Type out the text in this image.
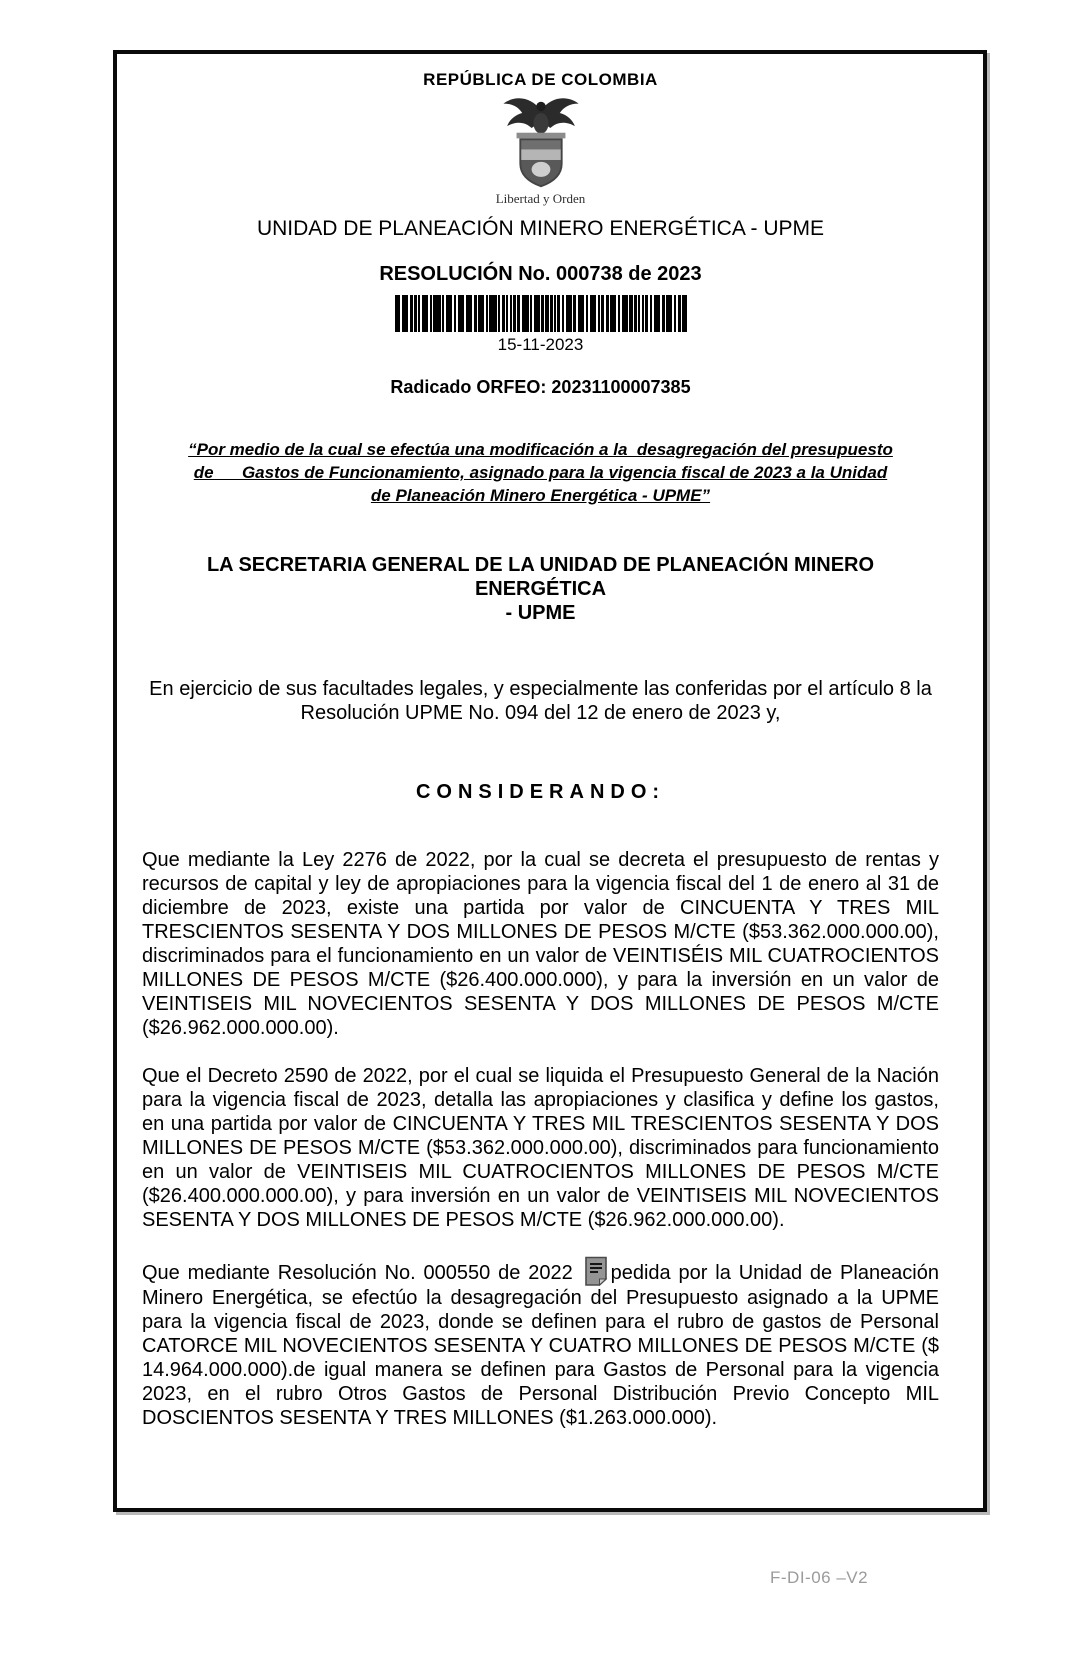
REPÚBLICA DE COLOMBIA
Libertad y Orden
UNIDAD DE PLANEACIÓN MINERO ENERGÉTICA - UPME
RESOLUCIÓN No. 000738 de 2023
15-11-2023
Radicado ORFEO: 20231100007385
“Por medio de la cual se efectúa una modificación a la  desagregación del presupuesto
de      Gastos de Funcionamiento, asignado para la vigencia fiscal de 2023 a la Unidad
de Planeación Minero Energética - UPME”
LA SECRETARIA GENERAL DE LA UNIDAD DE PLANEACIÓN MINERO
ENERGÉTICA
- UPME
En ejercicio de sus facultades legales, y especialmente las conferidas por el artículo 8 la Resolución UPME No. 094 del 12 de enero de 2023 y,
CONSIDERANDO:

Que mediante la Ley 2276 de 2022, por la cual se decreta el presupuesto de rentas y recursos de capital y ley de apropiaciones para la vigencia fiscal del 1 de enero al 31 de diciembre de 2023, existe una partida por valor de CINCUENTA Y TRES MIL TRESCIENTOS SESENTA Y DOS MILLONES DE PESOS M/CTE ($53.362.000.000.00), discriminados para el funcionamiento en un valor de VEINTISÉIS MIL CUATROCIENTOS MILLONES DE PESOS M/CTE ($26.400.000.000), y para la inversión en un valor de VEINTISEIS MIL NOVECIENTOS SESENTA Y DOS MILLONES DE PESOS M/CTE ($26.962.000.000.00).

Que el Decreto 2590 de 2022, por el cual se liquida el Presupuesto General de la Nación para la vigencia fiscal de 2023, detalla las apropiaciones y clasifica y define los gastos, en una partida por valor de CINCUENTA Y TRES MIL TRESCIENTOS SESENTA Y DOS MILLONES DE PESOS M/CTE ($53.362.000.000.00), discriminados para funcionamiento en un valor de VEINTISEIS MIL CUATROCIENTOS MILLONES DE PESOS M/CTE ($26.400.000.000.00), y para inversión en un valor de VEINTISEIS MIL NOVECIENTOS SESENTA Y DOS MILLONES DE PESOS M/CTE ($26.962.000.000.00).

Que mediante Resolución No. 000550 de 2022 pedida por la Unidad de Planeación Minero Energética, se efectúo la desagregación del Presupuesto asignado a la UPME para la vigencia fiscal de 2023, donde se definen para el rubro de gastos de Personal CATORCE MIL NOVECIENTOS SESENTA Y CUATRO MILLONES DE PESOS M/CTE ($ 14.964.000.000).de igual manera se definen para Gastos de Personal para la vigencia 2023, en el rubro Otros Gastos de Personal Distribución Previo Concepto MIL DOSCIENTOS SESENTA Y TRES MILLONES ($1.263.000.000).

F-DI-06 –V2
